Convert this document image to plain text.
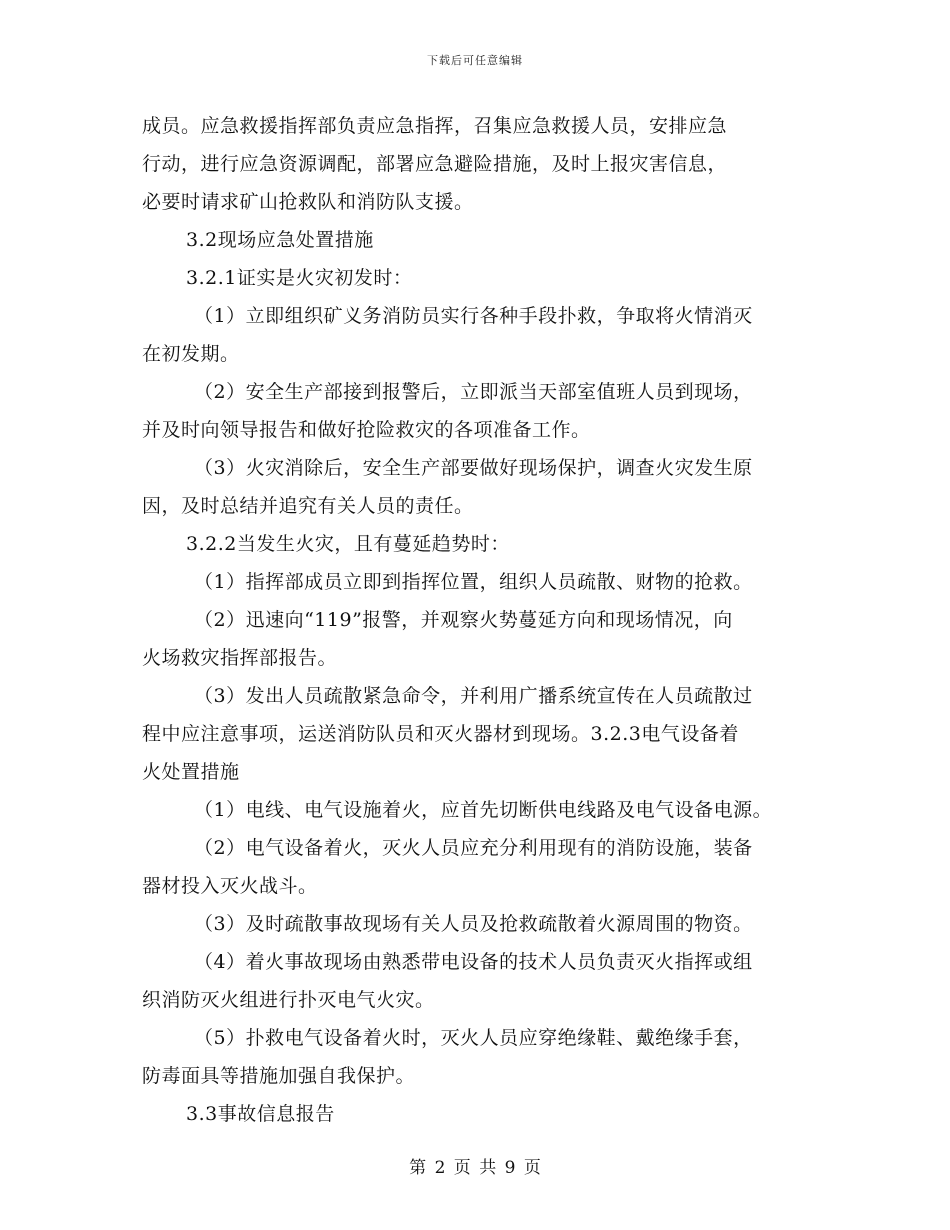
下载后可任意编辑
成员。应急救援指挥部负责应急指挥，召集应急救援人员，安排应急
行动，进行应急资源调配，部署应急避险措施，及时上报灾害信息，
必要时请求矿山抢救队和消防队支援。
3.2现场应急处置措施
3.2.1证实是火灾初发时：
（1）立即组织矿义务消防员实行各种手段扑救，争取将火情消灭
在初发期。
（2）安全生产部接到报警后，立即派当天部室值班人员到现场，
并及时向领导报告和做好抢险救灾的各项准备工作。
（3）火灾消除后，安全生产部要做好现场保护，调查火灾发生原
因，及时总结并追究有关人员的责任。
3.2.2当发生火灾，且有蔓延趋势时：
（1）指挥部成员立即到指挥位置，组织人员疏散、财物的抢救。
（2）迅速向“119”报警，并观察火势蔓延方向和现场情况，向
火场救灾指挥部报告。
（3）发出人员疏散紧急命令，并利用广播系统宣传在人员疏散过
程中应注意事项，运送消防队员和灭火器材到现场。3.2.3电气设备着
火处置措施
（1）电线、电气设施着火，应首先切断供电线路及电气设备电源。
（2）电气设备着火，灭火人员应充分利用现有的消防设施，装备
器材投入灭火战斗。
（3）及时疏散事故现场有关人员及抢救疏散着火源周围的物资。
（4）着火事故现场由熟悉带电设备的技术人员负责灭火指挥或组
织消防灭火组进行扑灭电气火灾。
（5）扑救电气设备着火时，灭火人员应穿绝缘鞋、戴绝缘手套，
防毒面具等措施加强自我保护。
3.3事故信息报告
第 2 页 共 9 页
